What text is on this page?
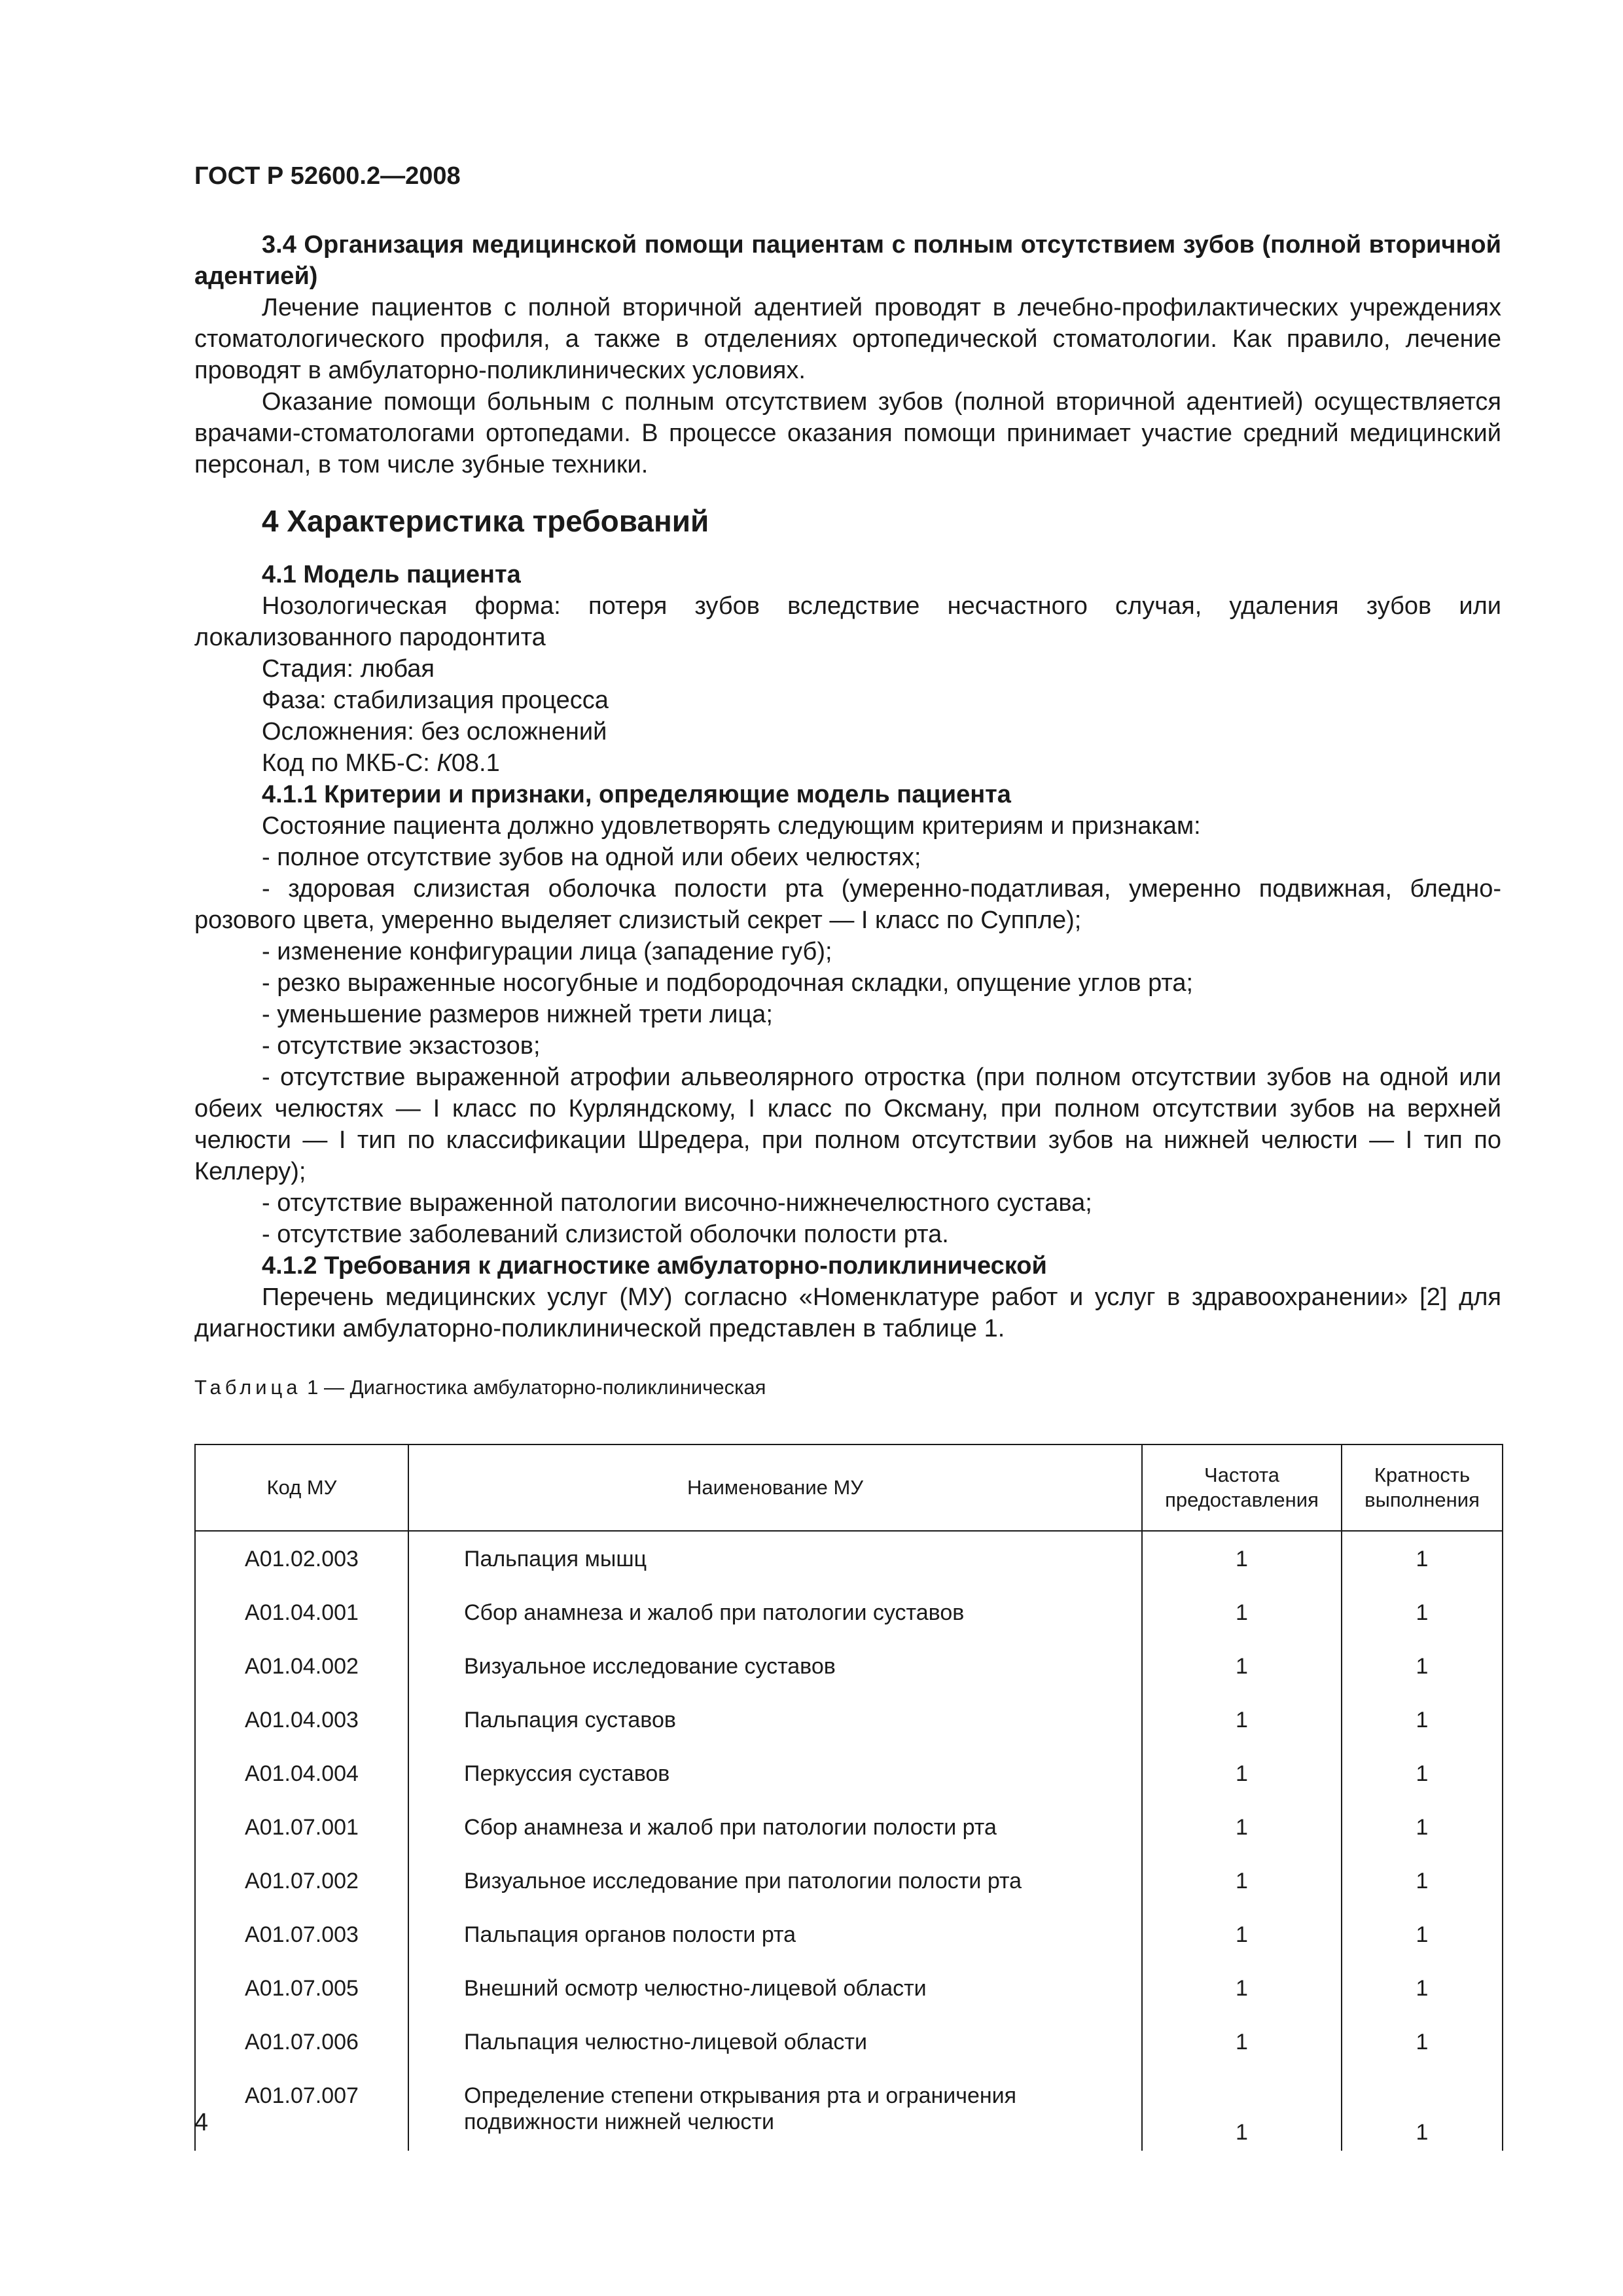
ГОСТ Р 52600.2—2008

3.4 Организация медицинской помощи пациентам с полным отсутствием зубов (полной вторичной адентией)

Лечение пациентов с полной вторичной адентией проводят в лечебно-профилактических учреждениях стоматологического профиля, а также в отделениях ортопедической стоматологии. Как правило, лечение проводят в амбулаторно-поликлинических условиях.

Оказание помощи больным с полным отсутствием зубов (полной вторичной адентией) осуществляется врачами-стоматологами ортопедами. В процессе оказания помощи принимает участие средний медицинский персонал, в том числе зубные техники.

4 Характеристика требований

4.1 Модель пациента

Нозологическая форма: потеря зубов вследствие несчастного случая, удаления зубов или локализованного пародонтита

Стадия: любая

Фаза: стабилизация процесса

Осложнения: без осложнений

Код по МКБ-С: К08.1

4.1.1 Критерии и признаки, определяющие модель пациента

Состояние пациента должно удовлетворять следующим критериям и признакам:

- полное отсутствие зубов на одной или обеих челюстях;

- здоровая слизистая оболочка полости рта (умеренно-податливая, умеренно подвижная, бледно-розового цвета, умеренно выделяет слизистый секрет — I класс по Суппле);

- изменение конфигурации лица (западение губ);

- резко выраженные носогубные и подбородочная складки, опущение углов рта;

- уменьшение размеров нижней трети лица;

- отсутствие экзастозов;

- отсутствие выраженной атрофии альвеолярного отростка (при полном отсутствии зубов на одной или обеих челюстях — I класс по Курляндскому, I класс по Оксману, при полном отсутствии зубов на верхней челюсти — I тип по классификации Шредера, при полном отсутствии зубов на нижней челюсти — I тип по Келлеру);

- отсутствие выраженной патологии височно-нижнечелюстного сустава;

- отсутствие заболеваний слизистой оболочки полости рта.

4.1.2 Требования к диагностике амбулаторно-поликлинической

Перечень медицинских услуг (МУ) согласно «Номенклатуре работ и услуг в здравоохранении» [2] для диагностики амбулаторно-поликлинической представлен в таблице 1.

Таблица 1 — Диагностика амбулаторно-поликлиническая

Код МУ	Наименование МУ	Частота предоставления	Кратность выполнения
А01.02.003	Пальпация мышц	1	1
А01.04.001	Сбор анамнеза и жалоб при патологии суставов	1	1
А01.04.002	Визуальное исследование суставов	1	1
А01.04.003	Пальпация суставов	1	1
А01.04.004	Перкуссия суставов	1	1
А01.07.001	Сбор анамнеза и жалоб при патологии полости рта	1	1
А01.07.002	Визуальное исследование при патологии полости рта	1	1
А01.07.003	Пальпация органов полости рта	1	1
А01.07.005	Внешний осмотр челюстно-лицевой области	1	1
А01.07.006	Пальпация челюстно-лицевой области	1	1
А01.07.007	Определение степени открывания рта и ограничения подвижности нижней челюсти	1	1
4
